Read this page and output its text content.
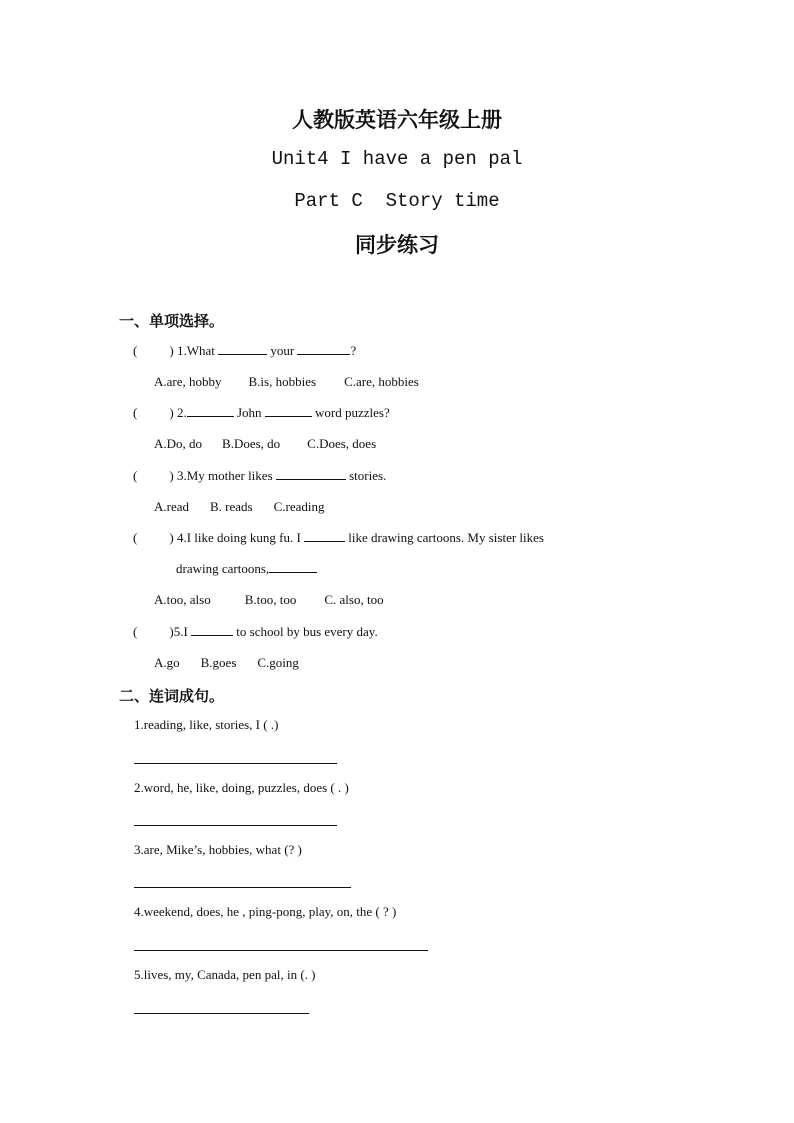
人教版英语六年级上册
Unit4 I have a pen pal
Part C  Story time
同步练习
一、单项选择。
( ) 1.What	your	?
A.are, hobby B.is, hobbies C.are, hobbies
( ) 2.	John	word puzzles?
A.Do, do B.Does, do C.Does, does
( ) 3.My mother likes	stories.
A.read B. reads C.reading
( ) 4.I like doing kung fu. I	like drawing cartoons. My sister likes
drawing cartoons,
A.too, also	B.too, too C. also, too
( )5.I	to school by bus every day.
A.go B.goes C.going
二、连词成句。
1.reading, like, stories, I ( .)
2.word, he, like, doing, puzzles, does ( . )
3.are, Mike’s, hobbies, what (? )
4.weekend, does, he , ping-pong, play, on, the ( ? )
5.lives, my, Canada, pen pal, in (. )
